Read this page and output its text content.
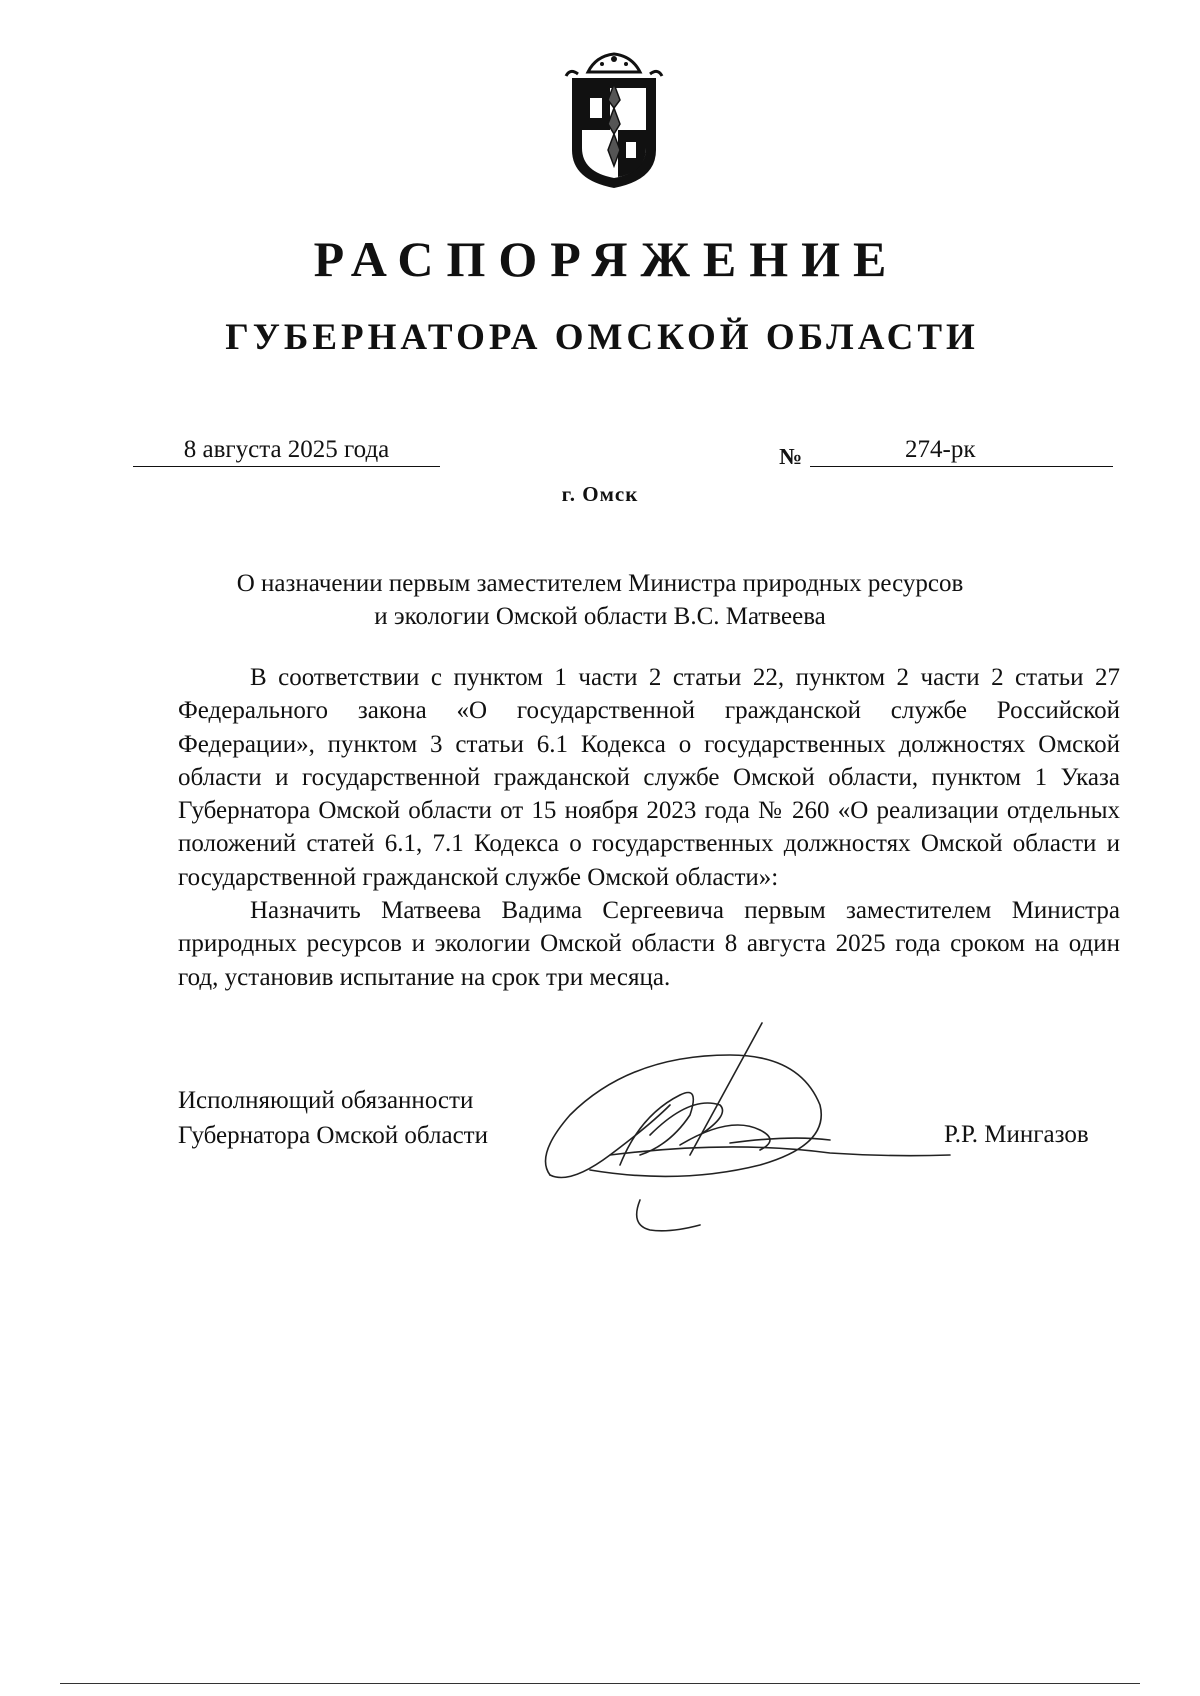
РАСПОРЯЖЕНИЕ
ГУБЕРНАТОРА ОМСКОЙ ОБЛАСТИ
8 августа 2025 года	№	274-рк
г. Омск
О назначении первым заместителем Министра природных ресурсов
и экологии Омской области В.С. Матвеева

В соответствии с пунктом 1 части 2 статьи 22, пунктом 2 части 2 статьи 27 Федерального закона «О государственной гражданской службе Российской Федерации», пунктом 3 статьи 6.1 Кодекса о государственных должностях Омской области и государственной гражданской службе Омской области, пунктом 1 Указа Губернатора Омской области от 15 ноября 2023 года № 260 «О реализации отдельных положений статей 6.1, 7.1 Кодекса о государственных должностях Омской области и государственной гражданской службе Омской области»:

Назначить Матвеева Вадима Сергеевича первым заместителем Министра природных ресурсов и экологии Омской области 8 августа 2025 года сроком на один год, установив испытание на срок три месяца.

Исполняющий обязанности
Губернатора Омской области	Р.Р. Мингазов
